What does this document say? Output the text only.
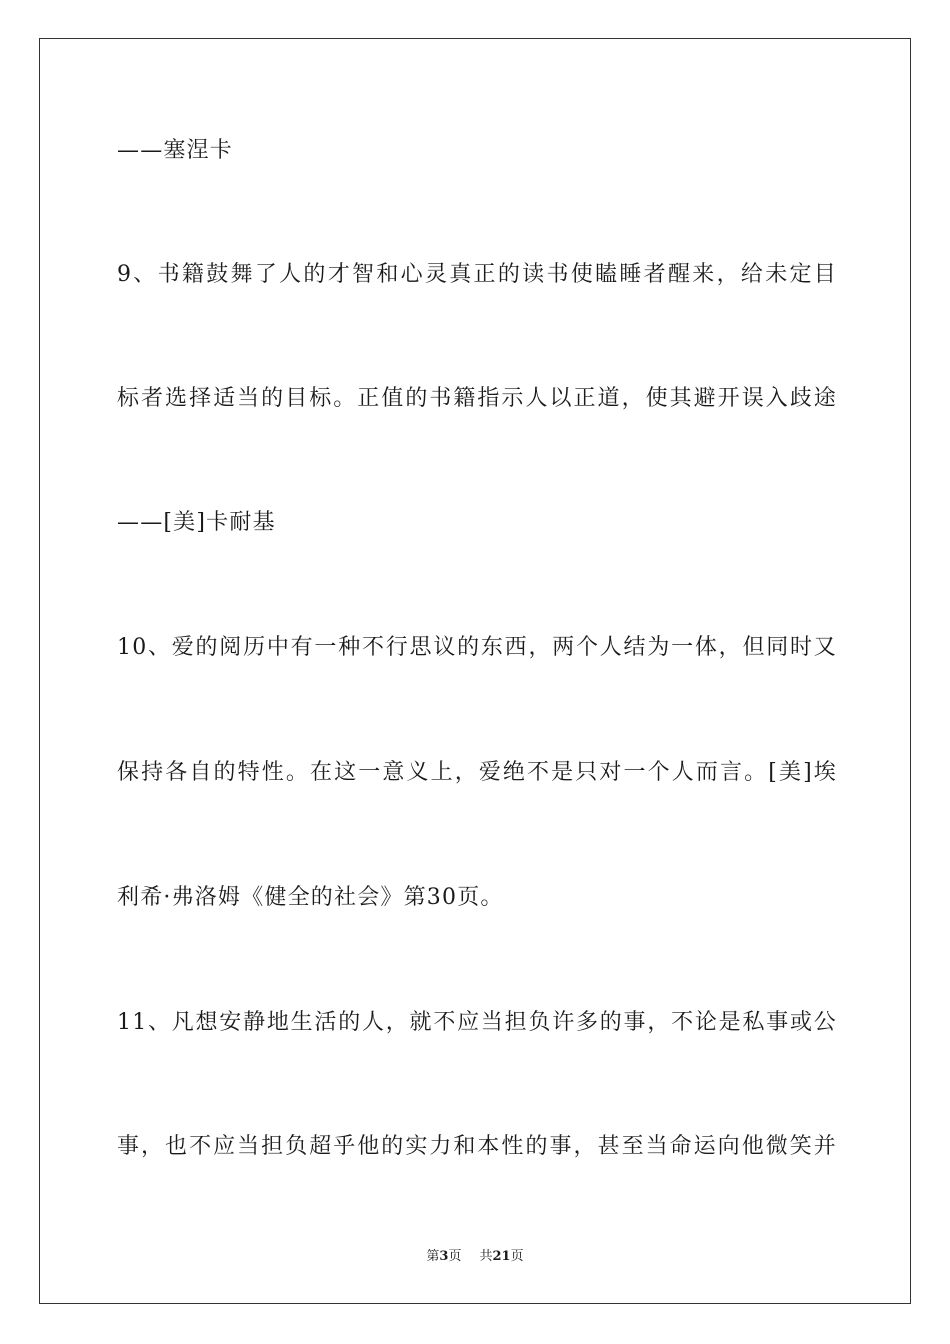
——塞涅卡
9、书籍鼓舞了人的才智和心灵真正的读书使瞌睡者醒来，给未定目
标者选择适当的目标。正值的书籍指示人以正道，使其避开误入歧途
——[美]卡耐基
10、爱的阅历中有一种不行思议的东西，两个人结为一体，但同时又
保持各自的特性。在这一意义上，爱绝不是只对一个人而言。[美]埃
利希·弗洛姆《健全的社会》第30页。
11、凡想安静地生活的人，就不应当担负许多的事，不论是私事或公
事，也不应当担负超乎他的实力和本性的事，甚至当命运向他微笑并
第3页 共21页
